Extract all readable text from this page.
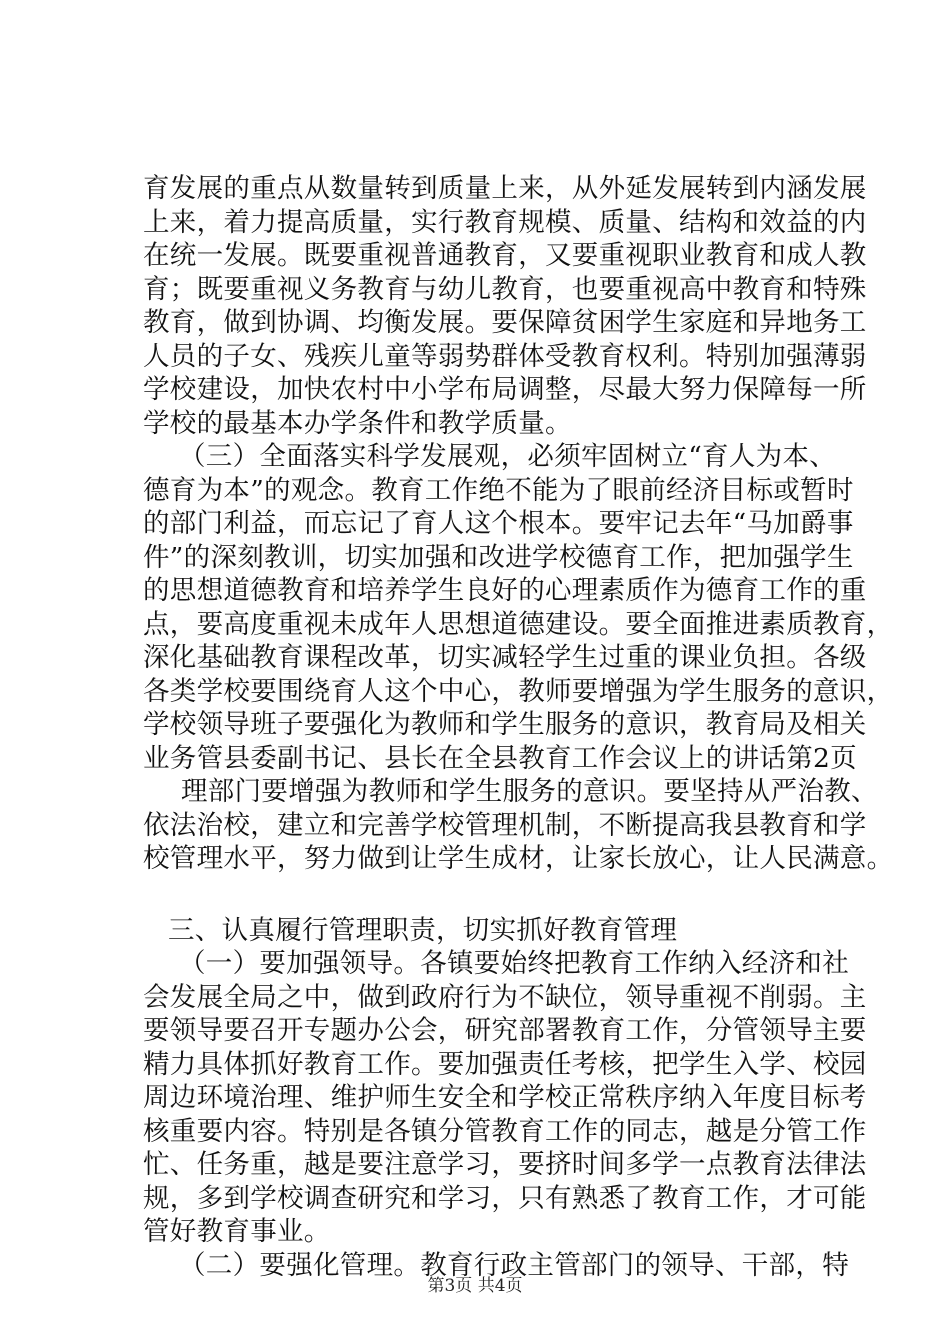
育发展的重点从数量转到质量上来，从外延发展转到内涵发展
上来，着力提高质量，实行教育规模、质量、结构和效益的内
在统一发展。既要重视普通教育，又要重视职业教育和成人教
育；既要重视义务教育与幼儿教育，也要重视高中教育和特殊
教育，做到协调、均衡发展。要保障贫困学生家庭和异地务工
人员的子女、残疾儿童等弱势群体受教育权利。特别加强薄弱
学校建设，加快农村中小学布局调整，尽最大努力保障每一所
学校的最基本办学条件和教学质量。
（三）全面落实科学发展观，必须牢固树立“育人为本、
德育为本”的观念。教育工作绝不能为了眼前经济目标或暂时
的部门利益，而忘记了育人这个根本。要牢记去年“马加爵事
件”的深刻教训，切实加强和改进学校德育工作，把加强学生
的思想道德教育和培养学生良好的心理素质作为德育工作的重
点，要高度重视未成年人思想道德建设。要全面推进素质教育，
深化基础教育课程改革，切实减轻学生过重的课业负担。各级
各类学校要围绕育人这个中心，教师要增强为学生服务的意识，
学校领导班子要强化为教师和学生服务的意识，教育局及相关
业务管县委副书记、县长在全县教育工作会议上的讲话第2页
理部门要增强为教师和学生服务的意识。要坚持从严治教、
依法治校，建立和完善学校管理机制，不断提高我县教育和学
校管理水平，努力做到让学生成材，让家长放心，让人民满意。
三、认真履行管理职责，切实抓好教育管理
（一）要加强领导。各镇要始终把教育工作纳入经济和社
会发展全局之中，做到政府行为不缺位，领导重视不削弱。主
要领导要召开专题办公会，研究部署教育工作，分管领导主要
精力具体抓好教育工作。要加强责任考核，把学生入学、校园
周边环境治理、维护师生安全和学校正常秩序纳入年度目标考
核重要内容。特别是各镇分管教育工作的同志，越是分管工作
忙、任务重，越是要注意学习，要挤时间多学一点教育法律法
规，多到学校调查研究和学习，只有熟悉了教育工作，才可能
管好教育事业。
（二）要强化管理。教育行政主管部门的领导、干部，特
第3页 共4页
